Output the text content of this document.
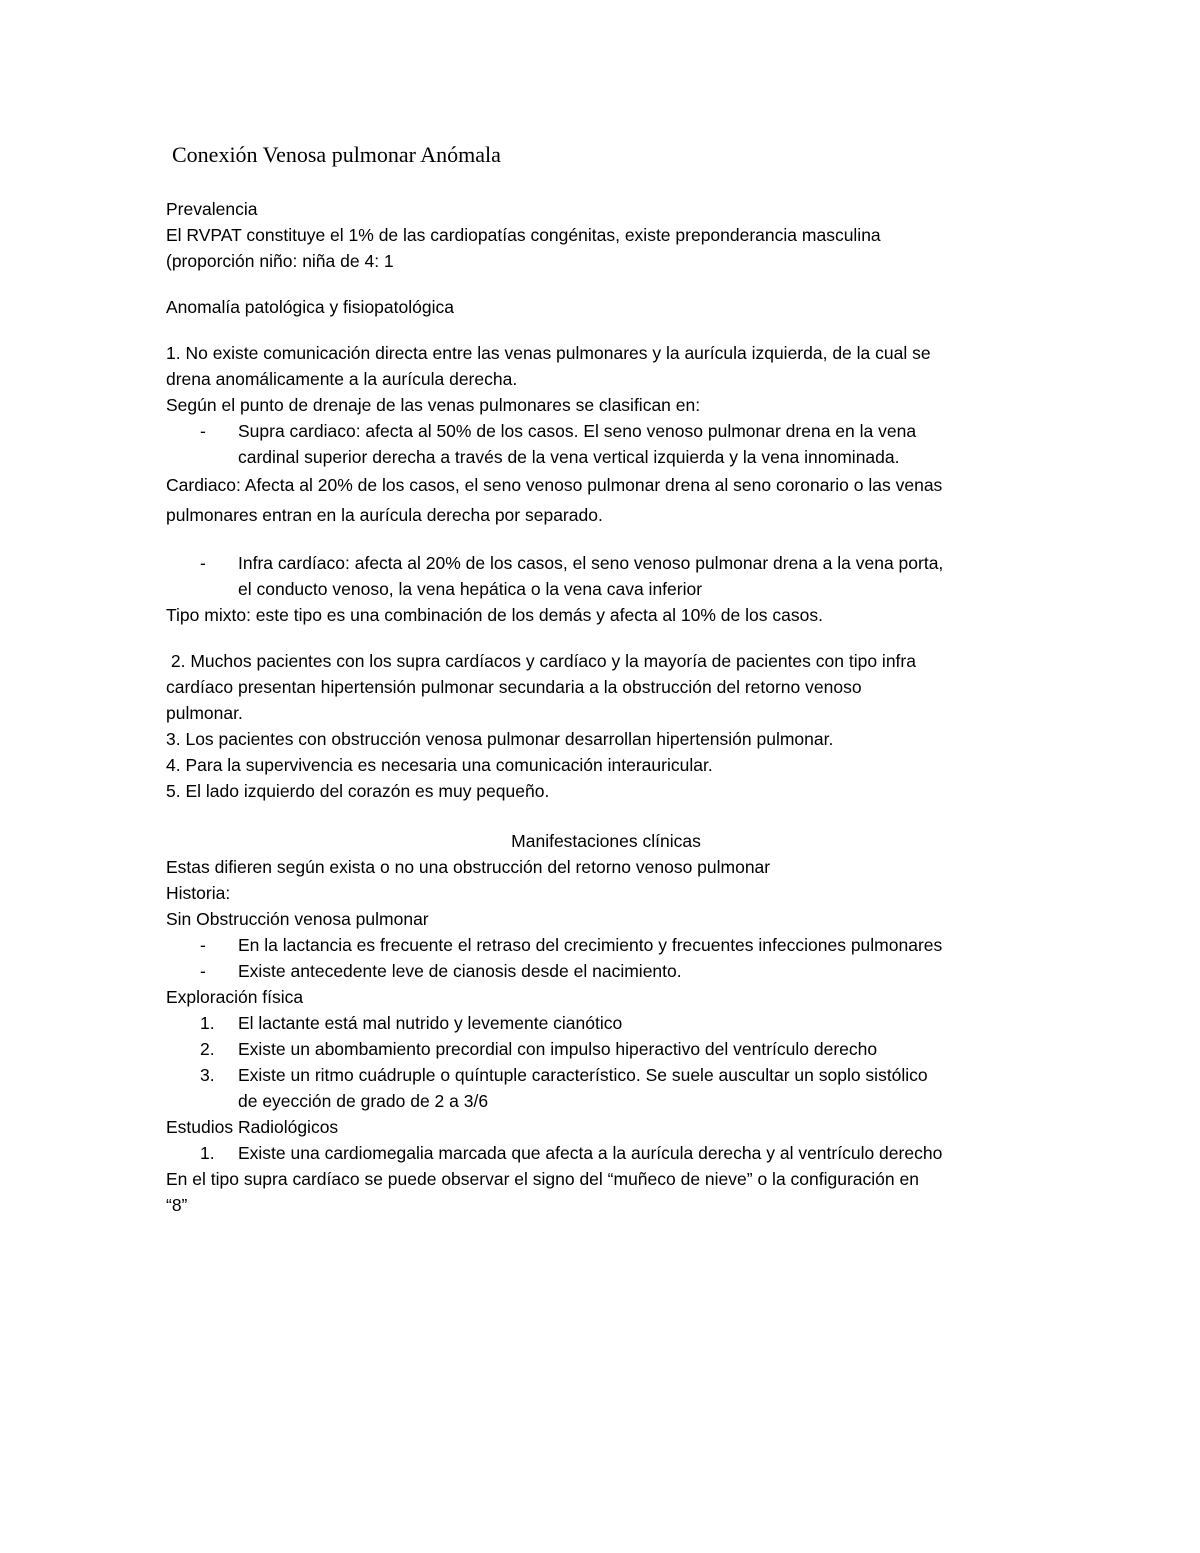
Conexión Venosa pulmonar Anómala

Prevalencia

El RVPAT constituye el 1% de las cardiopatías congénitas, existe preponderancia masculina

(proporción niño: niña de 4: 1

Anomalía patológica y fisiopatológica

1. No existe comunicación directa entre las venas pulmonares y la aurícula izquierda, de la cual se

drena anomálicamente a la aurícula derecha.

Según el punto de drenaje de las venas pulmonares se clasifican en:

- Supra cardiaco: afecta al 50% de los casos. El seno venoso pulmonar drena en la vena

cardinal superior derecha a través de la vena vertical izquierda y la vena innominada.

Cardiaco: Afecta al 20% de los casos, el seno venoso pulmonar drena al seno coronario o las venas

pulmonares entran en la aurícula derecha por separado.

- Infra cardíaco: afecta al 20% de los casos, el seno venoso pulmonar drena a la vena porta,

el conducto venoso, la vena hepática o la vena cava inferior

Tipo mixto: este tipo es una combinación de los demás y afecta al 10% de los casos.

2. Muchos pacientes con los supra cardíacos y cardíaco y la mayoría de pacientes con tipo infra

cardíaco presentan hipertensión pulmonar secundaria a la obstrucción del retorno venoso

pulmonar.

3. Los pacientes con obstrucción venosa pulmonar desarrollan hipertensión pulmonar.

4. Para la supervivencia es necesaria una comunicación interauricular.

5. El lado izquierdo del corazón es muy pequeño.

Manifestaciones clínicas

Estas difieren según exista o no una obstrucción del retorno venoso pulmonar

Historia:

Sin Obstrucción venosa pulmonar

- En la lactancia es frecuente el retraso del crecimiento y frecuentes infecciones pulmonares

- Existe antecedente leve de cianosis desde el nacimiento.

Exploración física

1. El lactante está mal nutrido y levemente cianótico

2. Existe un abombamiento precordial con impulso hiperactivo del ventrículo derecho

3. Existe un ritmo cuádruple o quíntuple característico. Se suele auscultar un soplo sistólico

de eyección de grado de 2 a 3/6

Estudios Radiológicos

1. Existe una cardiomegalia marcada que afecta a la aurícula derecha y al ventrículo derecho

En el tipo supra cardíaco se puede observar el signo del “muñeco de nieve” o la configuración en

“8”
